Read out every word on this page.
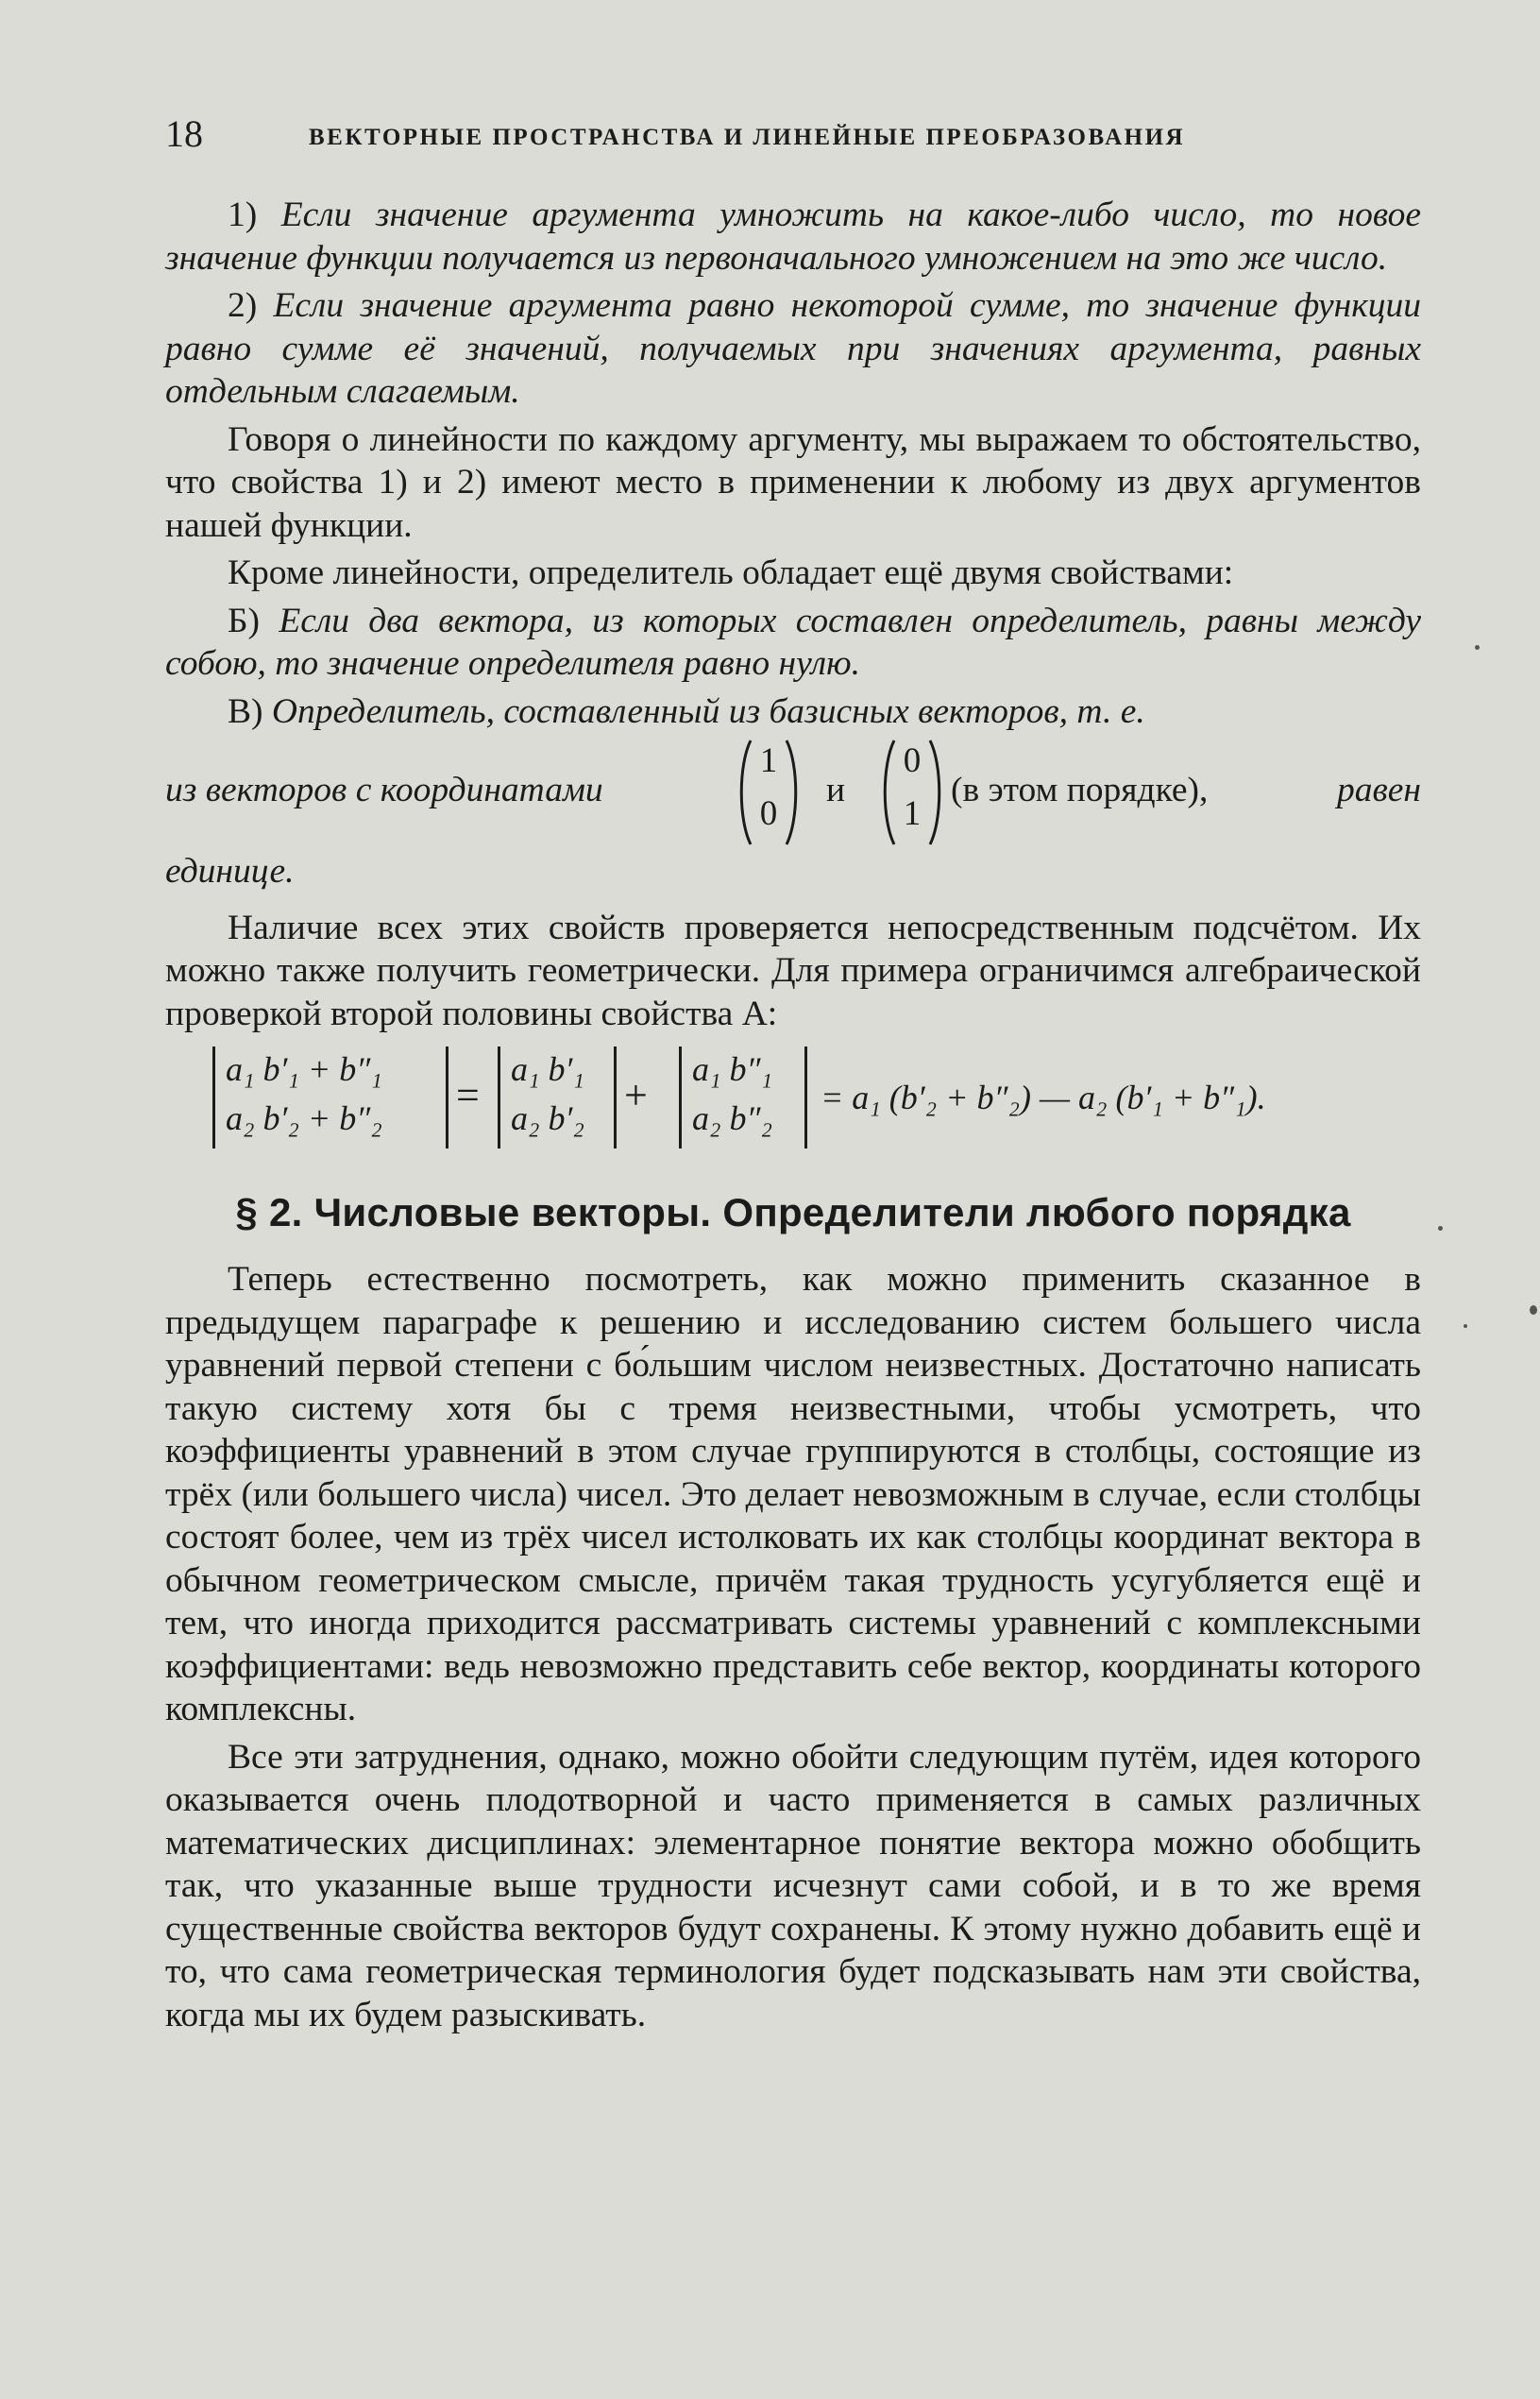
18	ВЕКТОРНЫЕ ПРОСТРАНСТВА И ЛИНЕЙНЫЕ ПРЕОБРАЗОВАНИЯ

1) Если значение аргумента умножить на какое-либо число, то новое значение функции получается из первоначального умножением на это же число.

2) Если значение аргумента равно некоторой сумме, то значение функции равно сумме её значений, получаемых при значениях аргумента, равных отдельным слагаемым.

Говоря о линейности по каждому аргументу, мы выражаем то обстоятельство, что свойства 1) и 2) имеют место в применении к любому из двух аргументов нашей функции.

Кроме линейности, определитель обладает ещё двумя свойствами:

Б) Если два вектора, из которых составлен определитель, равны между собою, то значение определителя равно нулю.

В) Определитель, составленный из базисных векторов, т. е.

из векторов с координатами
1
0
и
0
1
(в этом порядке),	равен

единице.

Наличие всех этих свойств проверяется непосредственным подсчётом. Их можно также получить геометрически. Для примера ограничимся алгебраической проверкой второй половины свойства А:

a₁ b′₁ + b″₁
a₂ b′₂ + b″₂ =
a₁ b′₁
a₂ b′₂ +
a₁ b″₁
a₂ b″₂
= a₁ (b′₂ + b″₂) — a₂ (b′₁ + b″₁).
§ 2. Числовые векторы. Определители любого порядка

Теперь естественно посмотреть, как можно применить сказанное в предыдущем параграфе к решению и исследованию систем большего числа уравнений первой степени с бо́льшим числом неизвестных. Достаточно написать такую систему хотя бы с тремя неизвестными, чтобы усмотреть, что коэффициенты уравнений в этом случае группируются в столбцы, состоящие из трёх (или большего числа) чисел. Это делает невозможным в случае, если столбцы состоят более, чем из трёх чисел истолковать их как столбцы координат вектора в обычном геометрическом смысле, причём такая трудность усугубляется ещё и тем, что иногда приходится рассматривать системы уравнений с комплексными коэффициентами: ведь невозможно представить себе вектор, координаты которого комплексны.

Все эти затруднения, однако, можно обойти следующим путём, идея которого оказывается очень плодотворной и часто применяется в самых различных математических дисциплинах: элементарное понятие вектора можно обобщить так, что указанные выше трудности исчезнут сами собой, и в то же время существенные свойства векторов будут сохранены. К этому нужно добавить ещё и то, что сама геометрическая терминология будет подсказывать нам эти свойства, когда мы их будем разыскивать.
